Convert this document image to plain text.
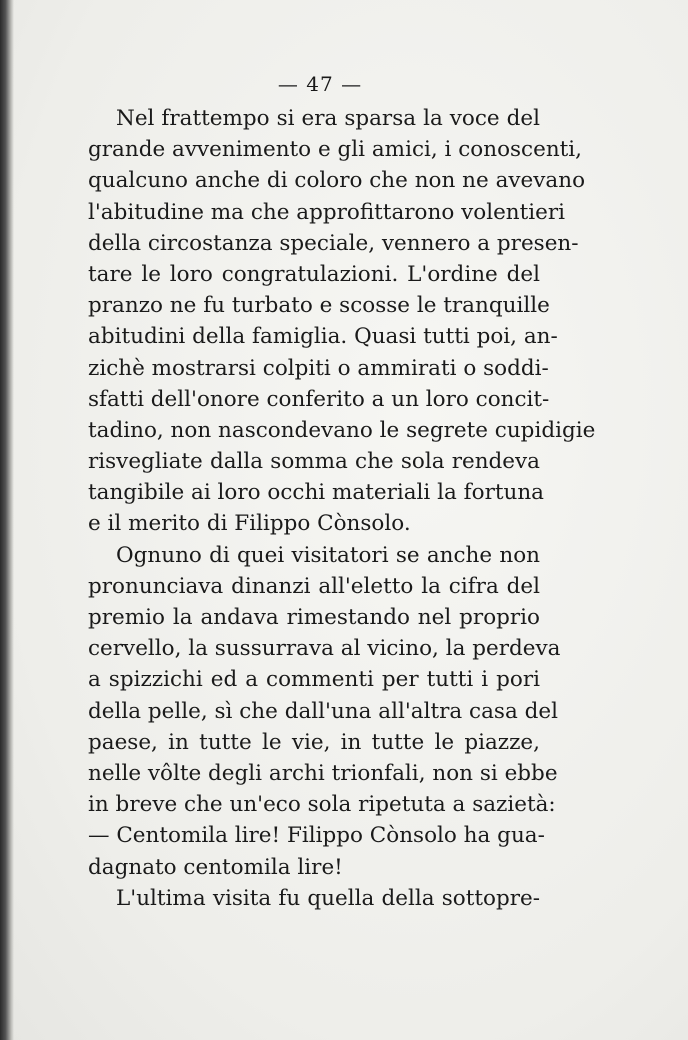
— 47 —
Nel frattempo si era sparsa la voce del
grande avvenimento e gli amici, i conoscenti,
qualcuno anche di coloro che non ne avevano
l'abitudine ma che approfittarono volentieri
della circostanza speciale, vennero a presen-
tare le loro congratulazioni. L'ordine del
pranzo ne fu turbato e scosse le tranquille
abitudini della famiglia. Quasi tutti poi, an-
zichè mostrarsi colpiti o ammirati o soddi-
sfatti dell'onore conferito a un loro concit-
tadino, non nascondevano le segrete cupidigie
risvegliate dalla somma che sola rendeva
tangibile ai loro occhi materiali la fortuna
e il merito di Filippo Cònsolo.
Ognuno di quei visitatori se anche non
pronunciava dinanzi all'eletto la cifra del
premio la andava rimestando nel proprio
cervello, la sussurrava al vicino, la perdeva
a spizzichi ed a commenti per tutti i pori
della pelle, sì che dall'una all'altra casa del
paese, in tutte le vie, in tutte le piazze,
nelle vôlte degli archi trionfali, non si ebbe
in breve che un'eco sola ripetuta a sazietà:
— Centomila lire! Filippo Cònsolo ha gua-
dagnato centomila lire!
L'ultima visita fu quella della sottopre-
